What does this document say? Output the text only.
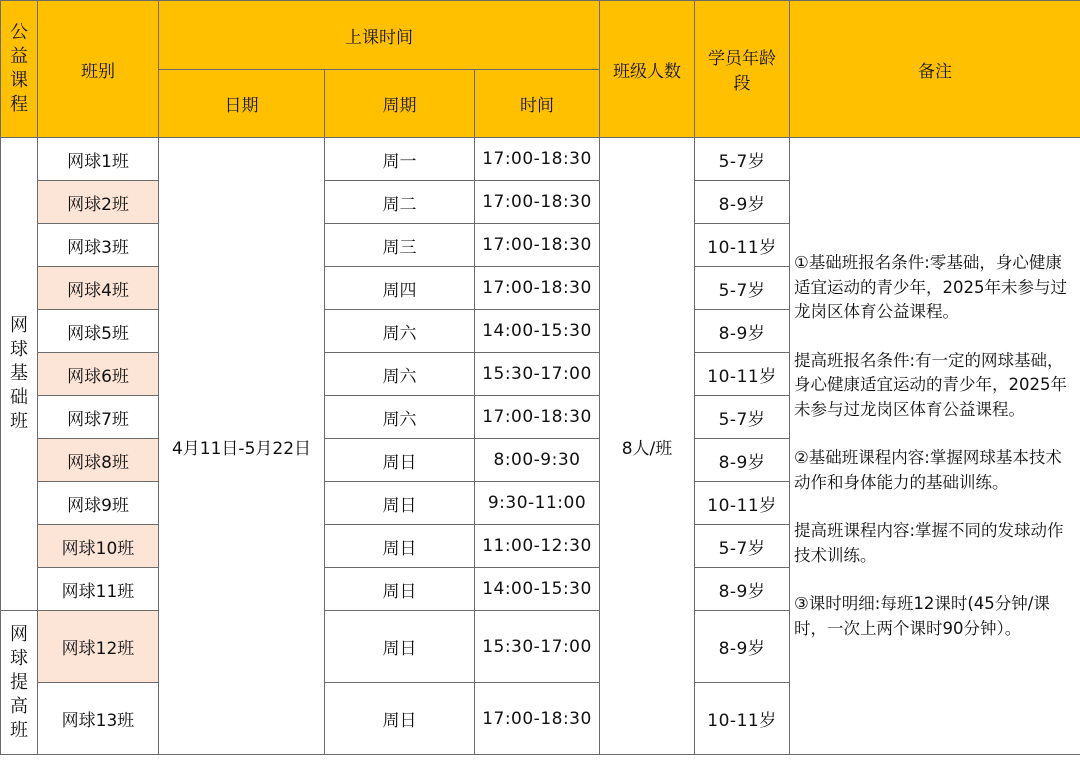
公益课程	班别	上课时间			班级人数	学员年龄段	备注
		日期	周期	时间			

网球基础班	网球1班	4月11日-5月22日	周一	17:00-18:30	8人/班	5-7岁	①基础班报名条件:零基础，身心健康适宜运动的青少年，2025年未参与过龙岗区体育公益课程。

提高班报名条件:有一定的网球基础，身心健康适宜运动的青少年，2025年未参与过龙岗区体育公益课程。

②基础班课程内容:掌握网球基本技术动作和身体能力的基础训练。

提高班课程内容:掌握不同的发球动作技术训练。

③课时明细:每班12课时(45分钟/课时，一次上两个课时90分钟）。

	网球2班		周二	17:00-18:30		8-9岁	
	网球3班		周三	17:00-18:30		10-11岁	
	网球4班		周四	17:00-18:30		5-7岁	
	网球5班		周六	14:00-15:30		8-9岁	
	网球6班		周六	15:30-17:00		10-11岁	
	网球7班		周六	17:00-18:30		5-7岁	
	网球8班		周日	8:00-9:30		8-9岁	
	网球9班		周日	9:30-11:00		10-11岁	
	网球10班		周日	11:00-12:30		5-7岁	
	网球11班		周日	14:00-15:30		8-9岁	

网球提高班	网球12班		周日	15:30-17:00		8-9岁	
	网球13班		周日	17:00-18:30		10-11岁	
